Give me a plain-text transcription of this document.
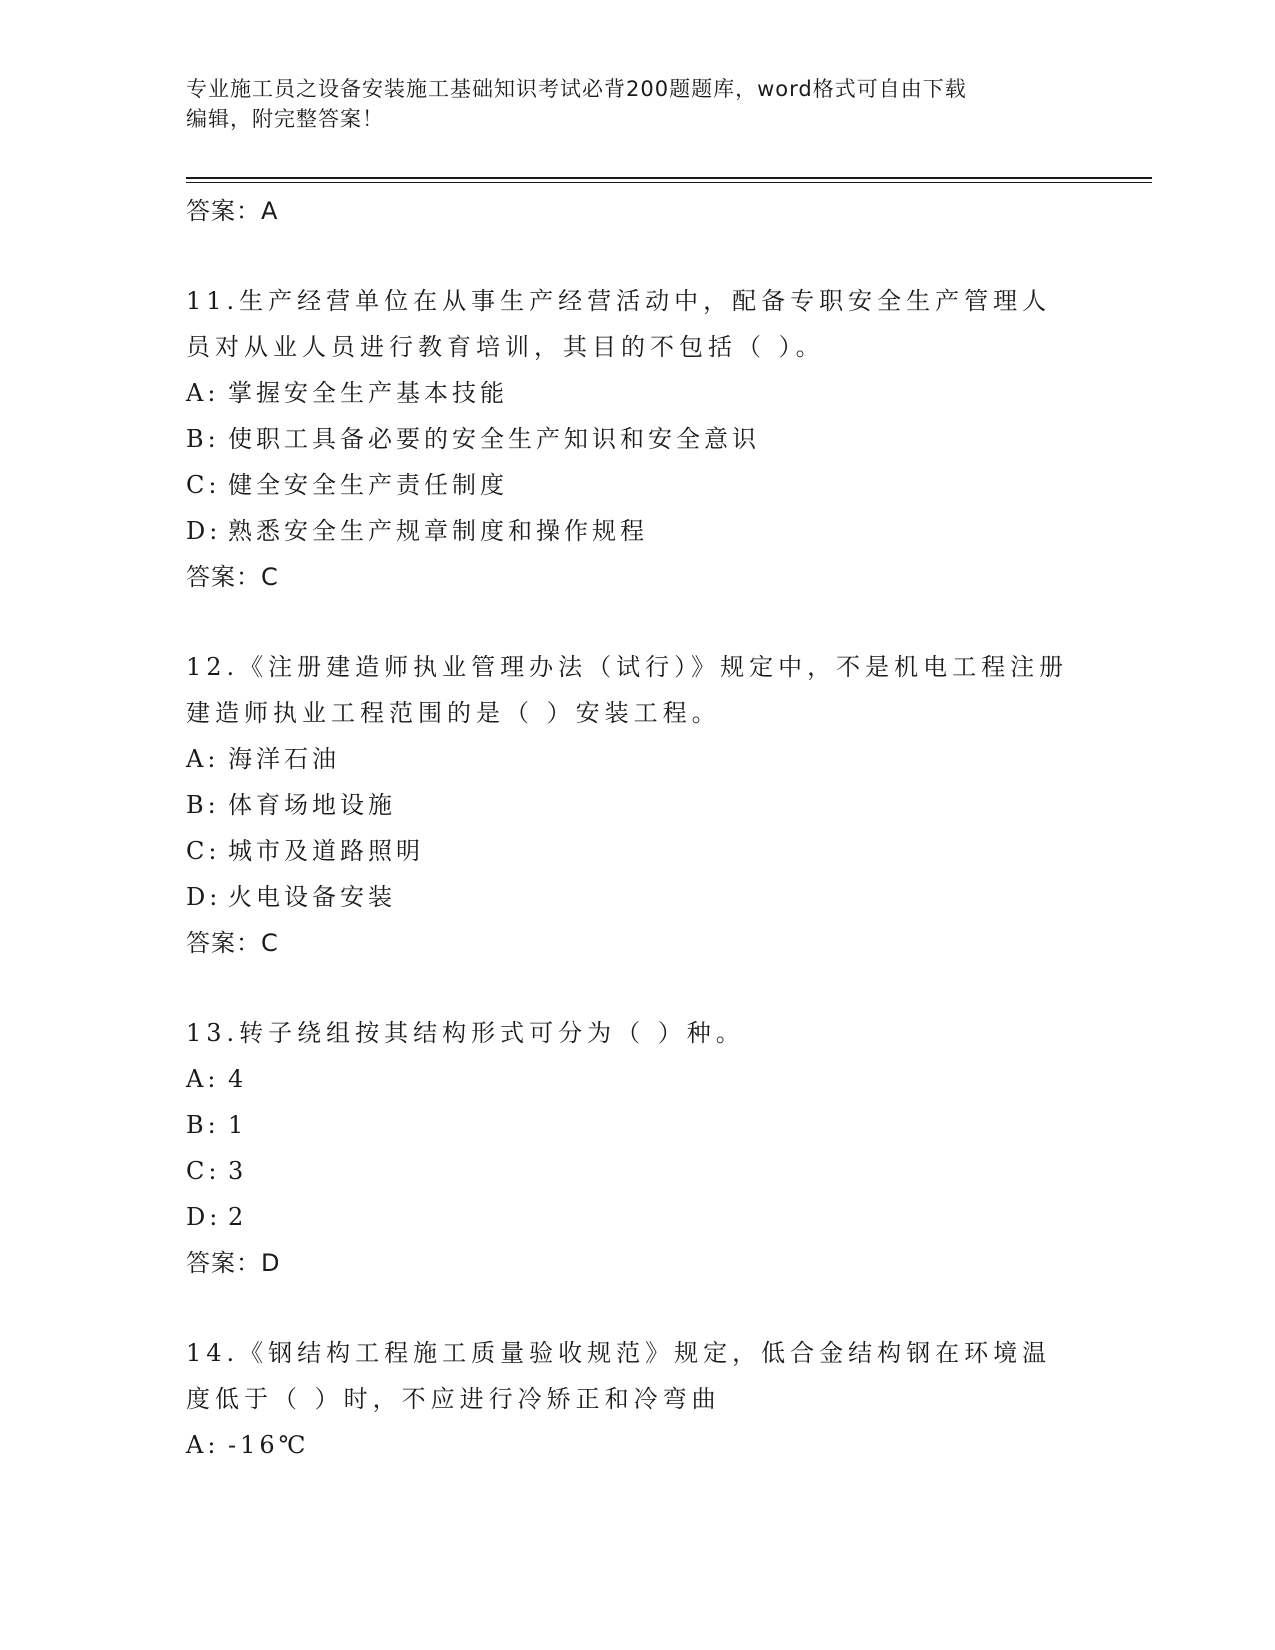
专业施工员之设备安装施工基础知识考试必背200题题库，word格式可自由下载
编辑，附完整答案！
答案：A
11.生产经营单位在从事生产经营活动中，配备专职安全生产管理人员对从业人员进行教育培训，其目的不包括（ ）。
A: 掌握安全生产基本技能
B: 使职工具备必要的安全生产知识和安全意识
C: 健全安全生产责任制度
D: 熟悉安全生产规章制度和操作规程
答案：C
12.《注册建造师执业管理办法（试行）》规定中，不是机电工程注册建造师执业工程范围的是（ ）安装工程。
A: 海洋石油
B: 体育场地设施
C: 城市及道路照明
D: 火电设备安装
答案：C
13.转子绕组按其结构形式可分为（ ）种。
A: 4
B: 1
C: 3
D: 2
答案：D
14.《钢结构工程施工质量验收规范》规定，低合金结构钢在环境温度低于（ ）时，不应进行冷矫正和冷弯曲
A: -16℃
